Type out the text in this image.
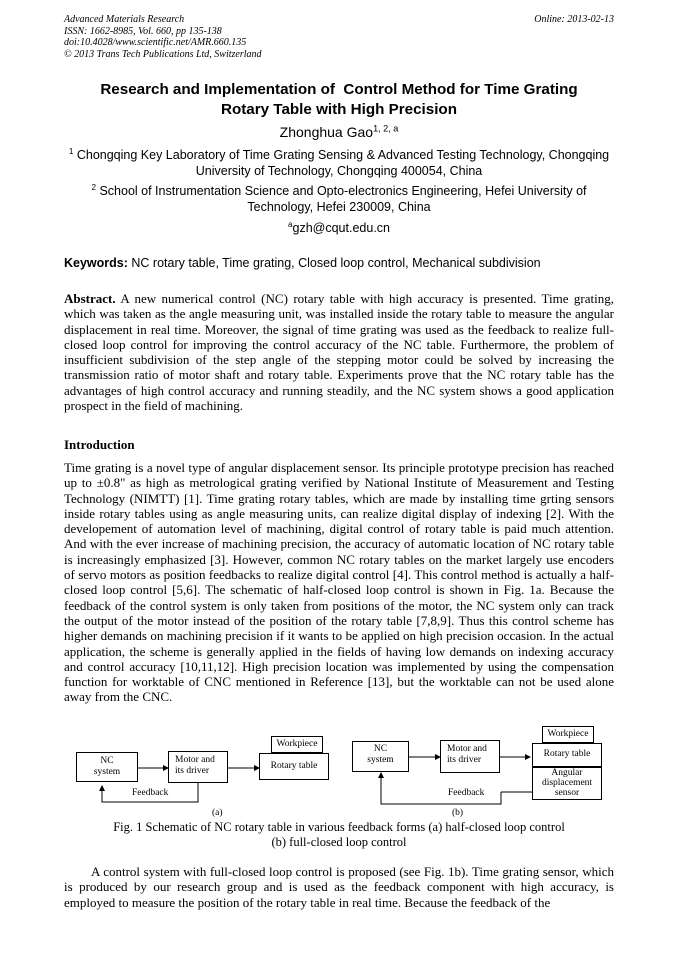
Advanced Materials Research
ISSN: 1662-8985, Vol. 660, pp 135-138
doi:10.4028/www.scientific.net/AMR.660.135
© 2013 Trans Tech Publications Ltd, Switzerland
Online: 2013-02-13
Research and Implementation of  Control Method for Time Grating
Rotary Table with High Precision
Zhonghua Gao$^{1, 2, a}$
$^1$ Chongqing Key Laboratory of Time Grating Sensing & Advanced Testing Technology, Chongqing
University of Technology, Chongqing 400054, China
$^2$ School of Instrumentation Science and Opto-electronics Engineering, Hefei University of
Technology, Hefei 230009, China
$^a$gzh@cqut.edu.cn
Keywords: NC rotary table, Time grating, Closed loop control, Mechanical subdivision
Abstract. A new numerical control (NC) rotary table with high accuracy is presented. Time grating, which was taken as the angle measuring unit, was installed inside the rotary table to measure the angular displacement in real time. Moreover, the signal of time grating was used as the feedback to realize full-closed loop control for improving the control accuracy of the NC table. Furthermore, the problem of insufficient subdivision of the step angle of the stepping motor could be solved by increasing the transmission ratio of motor shaft and rotary table. Experiments prove that the NC rotary table has the advantages of high control accuracy and running steadily, and the NC system shows a good application prospect in the field of machining.
Introduction
Time grating is a novel type of angular displacement sensor. Its principle prototype precision has reached up to ±0.8" as high as metrological grating verified by National Institute of Measurement and Testing Technology (NIMTT) [1]. Time grating rotary tables, which are made by installing time grting sensors inside rotary tables using as angle measuring units, can realize digital display of indexing [2]. With the developement of automation level of machining, digital control of rotary table is paid much attention. And with the ever increase of machining precision, the accuracy of automatic location of NC rotary table is increasingly emphasized [3]. However, common NC rotary tables on the market largely use encoders of servo motors as position feedbacks to realize digital control [4]. This control method is actually a half-closed loop control [5,6]. The schematic of half-closed loop control is shown in Fig. 1a. Because the feedback of the control system is only taken from positions of the motor, the NC system only can track the output of the motor instead of the position of the rotary table [7,8,9]. Thus this control scheme has higher demands on machining precision if it wants to be applied on high precision occasion. In the actual application, the scheme is generally applied in the fields of having low demands on indexing accuracy and control accuracy [10,11,12]. High precision location was implemented by using the compensation function for worktable of CNC mentioned in Reference [13], but the worktable can not be used alone away from the CNC.
NC
system
Motor and
its driver
Workpiece
Rotary table
Feedback
(a)
NC
system
Motor and
its driver
Workpiece
Rotary table
Angular
displacement
sensor
Feedback
(b)
Fig. 1 Schematic of NC rotary table in various feedback forms (a) half-closed loop control
(b) full-closed loop control
A control system with full-closed loop control is proposed (see Fig. 1b). Time grating sensor, which is produced by our research group and is used as the feedback component with high accuracy, is employed to measure the position of the rotary table in real time. Because the feedback of the
